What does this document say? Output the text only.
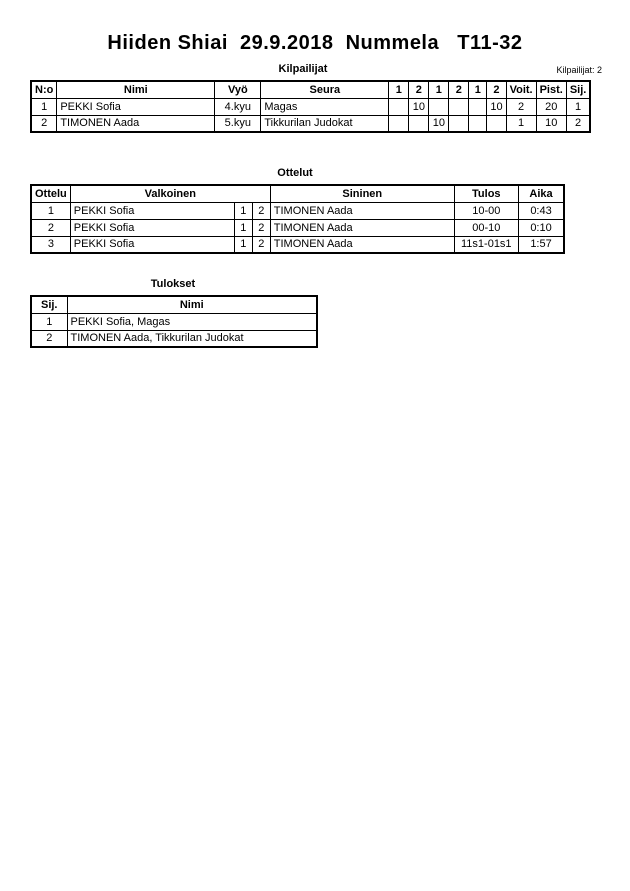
Hiiden Shiai  29.9.2018  Nummela   T11-32
Kilpailijat	Kilpailijat: 2
N:o	Nimi	Vyö	Seura	1	2	1	2	1	2	Voit.	Pist.	Sij.
1	PEKKI Sofia	4.kyu	Magas		10				10	2	20	1
2	TIMONEN Aada	5.kyu	Tikkurilan Judokat			10				1	10	2
Ottelut
Ottelu	Valkoinen			Sininen	Tulos	Aika
1	PEKKI Sofia	1	2	TIMONEN Aada	10-00	0:43
2	PEKKI Sofia	1	2	TIMONEN Aada	00-10	0:10
3	PEKKI Sofia	1	2	TIMONEN Aada	11s1-01s1	1:57
Tulokset
Sij.	Nimi
1	PEKKI Sofia, Magas
2	TIMONEN Aada, Tikkurilan Judokat
